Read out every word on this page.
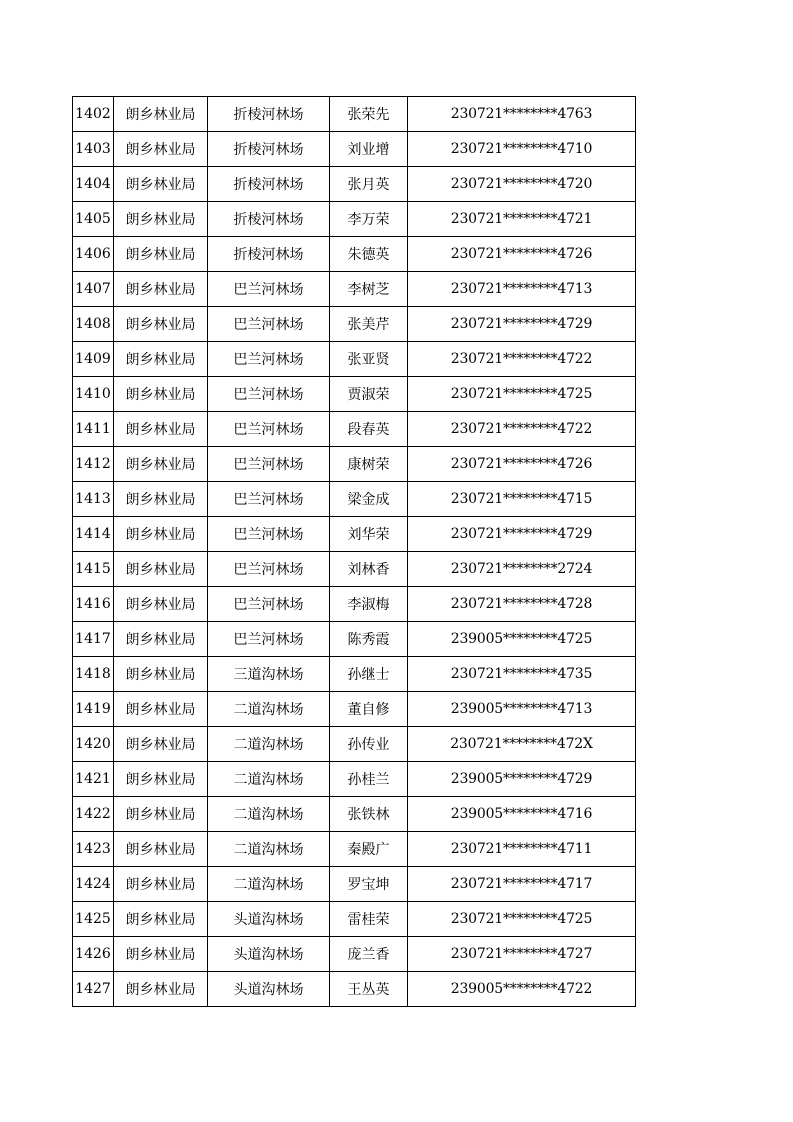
1402	朗乡林业局	折棱河林场	张荣先	230721********4763
1403	朗乡林业局	折棱河林场	刘业增	230721********4710
1404	朗乡林业局	折棱河林场	张月英	230721********4720
1405	朗乡林业局	折棱河林场	李万荣	230721********4721
1406	朗乡林业局	折棱河林场	朱德英	230721********4726
1407	朗乡林业局	巴兰河林场	李树芝	230721********4713
1408	朗乡林业局	巴兰河林场	张美芹	230721********4729
1409	朗乡林业局	巴兰河林场	张亚贤	230721********4722
1410	朗乡林业局	巴兰河林场	贾淑荣	230721********4725
1411	朗乡林业局	巴兰河林场	段春英	230721********4722
1412	朗乡林业局	巴兰河林场	康树荣	230721********4726
1413	朗乡林业局	巴兰河林场	梁金成	230721********4715
1414	朗乡林业局	巴兰河林场	刘华荣	230721********4729
1415	朗乡林业局	巴兰河林场	刘林香	230721********2724
1416	朗乡林业局	巴兰河林场	李淑梅	230721********4728
1417	朗乡林业局	巴兰河林场	陈秀霞	239005********4725
1418	朗乡林业局	三道沟林场	孙继士	230721********4735
1419	朗乡林业局	二道沟林场	董自修	239005********4713
1420	朗乡林业局	二道沟林场	孙传业	230721********472X
1421	朗乡林业局	二道沟林场	孙桂兰	239005********4729
1422	朗乡林业局	二道沟林场	张铁林	239005********4716
1423	朗乡林业局	二道沟林场	秦殿广	230721********4711
1424	朗乡林业局	二道沟林场	罗宝坤	230721********4717
1425	朗乡林业局	头道沟林场	雷桂荣	230721********4725
1426	朗乡林业局	头道沟林场	庞兰香	230721********4727
1427	朗乡林业局	头道沟林场	王丛英	239005********4722
